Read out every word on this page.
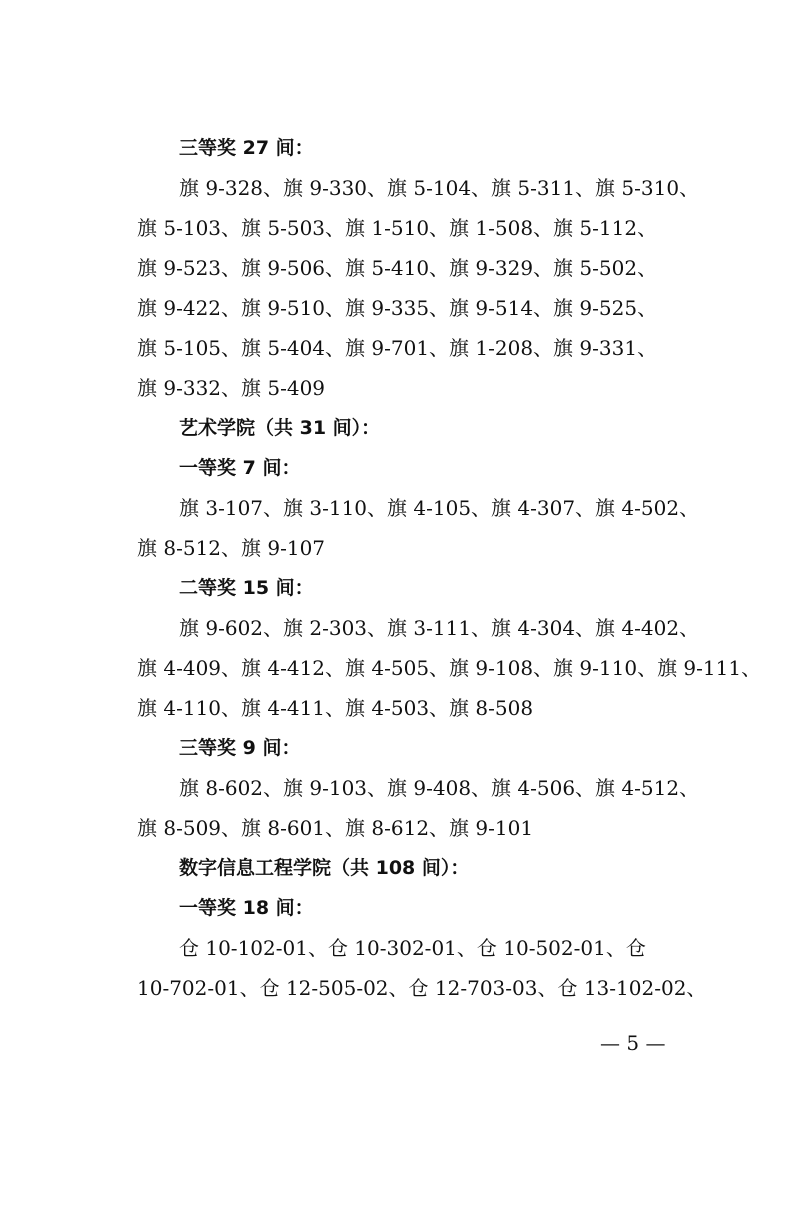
三等奖 27 间：

旗 9-328、旗 9-330、旗 5-104、旗 5-311、旗 5-310、

旗 5-103、旗 5-503、旗 1-510、旗 1-508、旗 5-112、

旗 9-523、旗 9-506、旗 5-410、旗 9-329、旗 5-502、

旗 9-422、旗 9-510、旗 9-335、旗 9-514、旗 9-525、

旗 5-105、旗 5-404、旗 9-701、旗 1-208、旗 9-331、

旗 9-332、旗 5-409

艺术学院（共 31 间）：

一等奖 7 间：

旗 3-107、旗 3-110、旗 4-105、旗 4-307、旗 4-502、

旗 8-512、旗 9-107

二等奖 15 间：

旗 9-602、旗 2-303、旗 3-111、旗 4-304、旗 4-402、

旗 4-409、旗 4-412、旗 4-505、旗 9-108、旗 9-110、旗 9-111、

旗 4-110、旗 4-411、旗 4-503、旗 8-508

三等奖 9 间：

旗 8-602、旗 9-103、旗 9-408、旗 4-506、旗 4-512、

旗 8-509、旗 8-601、旗 8-612、旗 9-101

数字信息工程学院（共 108 间）：

一等奖 18 间：

仓 10-102-01、仓 10-302-01、仓 10-502-01、仓

10-702-01、仓 12-505-02、仓 12-703-03、仓 13-102-02、

— 5 —
